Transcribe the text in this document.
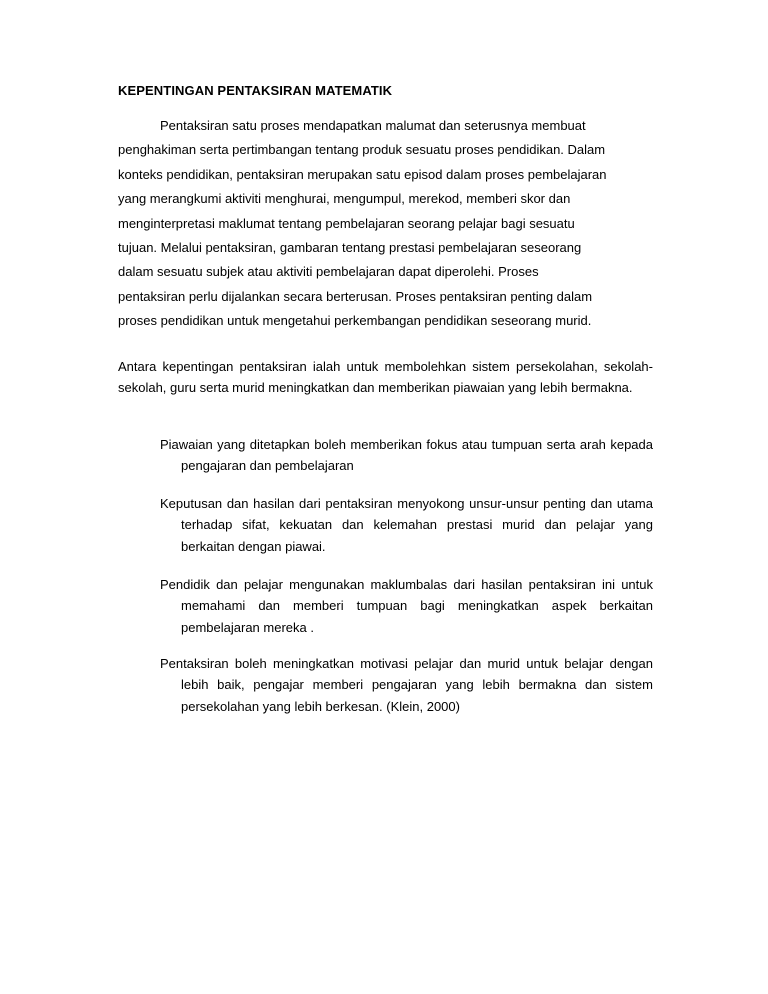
KEPENTINGAN PENTAKSIRAN MATEMATIK
Pentaksiran satu proses mendapatkan malumat dan seterusnya membuat
penghakiman serta pertimbangan tentang produk sesuatu proses pendidikan. Dalam
konteks pendidikan, pentaksiran merupakan satu episod dalam proses pembelajaran
yang merangkumi aktiviti menghurai, mengumpul, merekod, memberi skor dan
menginterpretasi maklumat tentang pembelajaran seorang pelajar bagi sesuatu
tujuan. Melalui pentaksiran, gambaran tentang prestasi pembelajaran seseorang
dalam sesuatu subjek atau aktiviti pembelajaran dapat diperolehi. Proses
pentaksiran perlu dijalankan secara berterusan. Proses pentaksiran penting dalam
proses pendidikan untuk mengetahui perkembangan pendidikan seseorang murid.
Antara kepentingan pentaksiran ialah untuk membolehkan sistem persekolahan, sekolah-sekolah, guru serta murid meningkatkan dan memberikan piawaian yang lebih bermakna.
Piawaian yang ditetapkan boleh memberikan fokus atau tumpuan serta arah kepada pengajaran dan pembelajaran
Keputusan dan hasilan dari pentaksiran menyokong unsur-unsur penting dan utama terhadap sifat, kekuatan dan kelemahan prestasi murid dan pelajar yang berkaitan dengan piawai.
Pendidik dan pelajar mengunakan maklumbalas dari hasilan pentaksiran ini untuk memahami dan memberi tumpuan bagi meningkatkan aspek berkaitan pembelajaran mereka .
Pentaksiran boleh meningkatkan motivasi pelajar dan murid untuk belajar dengan lebih baik, pengajar memberi pengajaran yang lebih bermakna dan sistem persekolahan yang lebih berkesan. (Klein, 2000)
